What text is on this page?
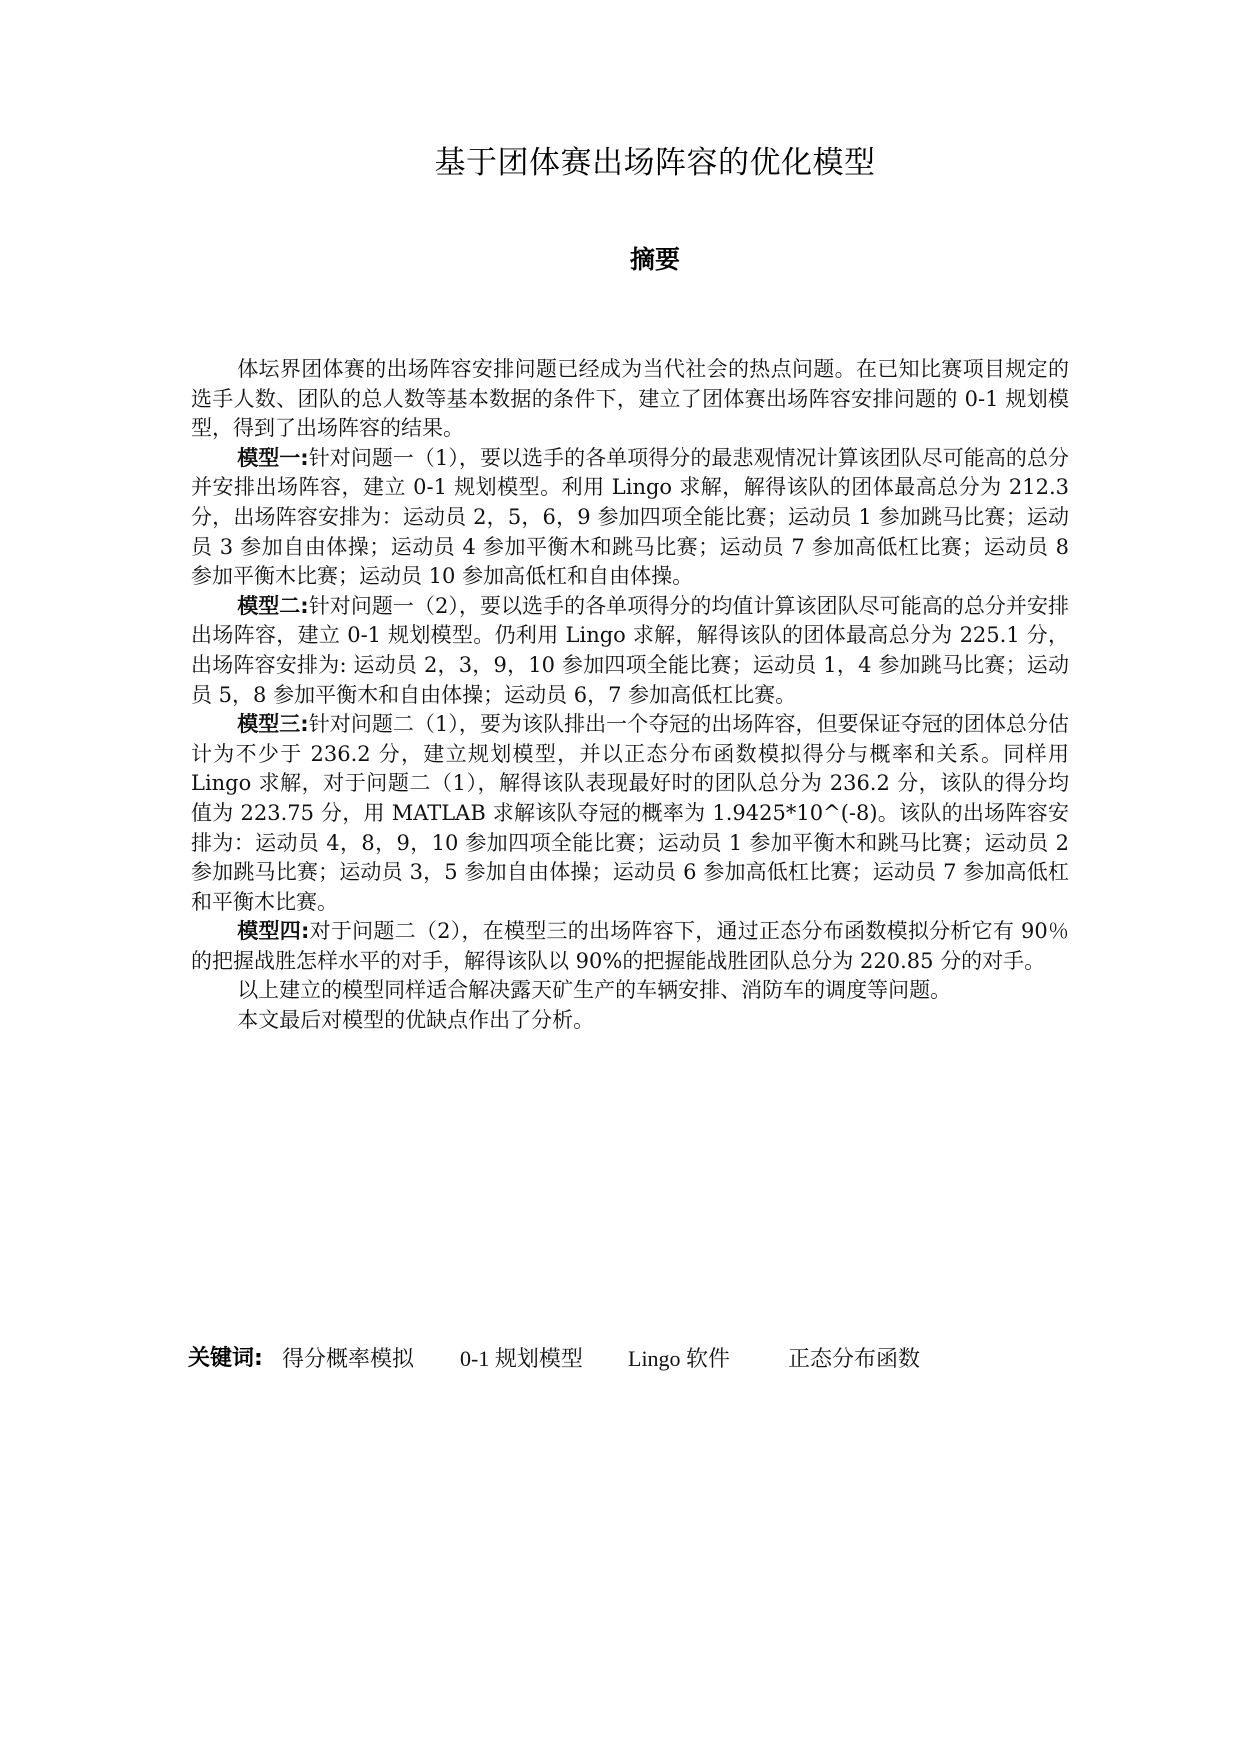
基于团体赛出场阵容的优化模型
摘要

体坛界团体赛的出场阵容安排问题已经成为当代社会的热点问题。在已知比赛项目规定的选手人数、团队的总人数等基本数据的条件下，建立了团体赛出场阵容安排问题的 0-1 规划模型，得到了出场阵容的结果。

模型一:针对问题一（1），要以选手的各单项得分的最悲观情况计算该团队尽可能高的总分并安排出场阵容，建立 0-1 规划模型。利用 Lingo 求解，解得该队的团体最高总分为 212.3 分，出场阵容安排为：运动员 2，5，6，9 参加四项全能比赛；运动员 1 参加跳马比赛；运动员 3 参加自由体操；运动员 4 参加平衡木和跳马比赛；运动员 7 参加高低杠比赛；运动员 8 参加平衡木比赛；运动员 10 参加高低杠和自由体操。

模型二:针对问题一（2），要以选手的各单项得分的均值计算该团队尽可能高的总分并安排出场阵容，建立 0-1 规划模型。仍利用 Lingo 求解，解得该队的团体最高总分为 225.1 分，出场阵容安排为: 运动员 2，3，9，10 参加四项全能比赛；运动员 1，4 参加跳马比赛；运动员 5，8 参加平衡木和自由体操；运动员 6，7 参加高低杠比赛。

模型三:针对问题二（1），要为该队排出一个夺冠的出场阵容，但要保证夺冠的团体总分估计为不少于 236.2 分，建立规划模型，并以正态分布函数模拟得分与概率和关系。同样用 Lingo 求解，对于问题二（1），解得该队表现最好时的团队总分为 236.2 分，该队的得分均值为 223.75 分，用 MATLAB 求解该队夺冠的概率为 1.9425*10^(-8)。该队的出场阵容安排为：运动员 4，8，9，10 参加四项全能比赛；运动员 1 参加平衡木和跳马比赛；运动员 2 参加跳马比赛；运动员 3，5 参加自由体操；运动员 6 参加高低杠比赛；运动员 7 参加高低杠和平衡木比赛。

模型四:对于问题二（2），在模型三的出场阵容下，通过正态分布函数模拟分析它有 90％的把握战胜怎样水平的对手，解得该队以 90%的把握能战胜团队总分为 220.85 分的对手。

以上建立的模型同样适合解决露天矿生产的车辆安排、消防车的调度等问题。

本文最后对模型的优缺点作出了分析。

关键词: 得分概率模拟 0-1 规划模型 Lingo 软件	正态分布函数
